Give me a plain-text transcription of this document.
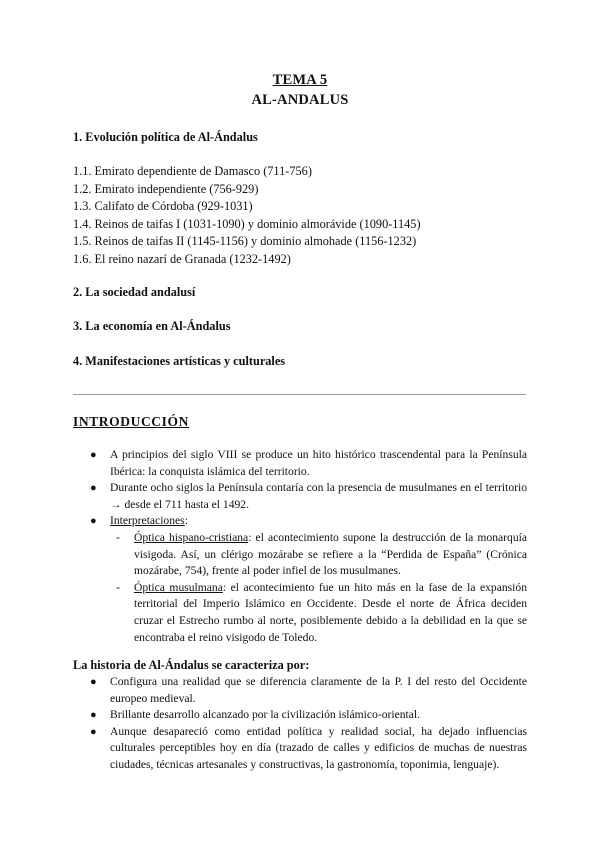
TEMA 5
AL-ANDALUS
1. Evolución política de Al-Ándalus
1.1. Emirato dependiente de Damasco (711-756)
1.2. Emirato independiente (756-929)
1.3. Califato de Córdoba (929-1031)
1.4. Reinos de taifas I (1031-1090) y dominio almorávide (1090-1145)
1.5. Reinos de taifas II (1145-1156) y dominio almohade (1156-1232)
1.6. El reino nazarí de Granada (1232-1492)
2. La sociedad andalusí
3. La economía en Al-Ándalus
4. Manifestaciones artísticas y culturales
INTRODUCCIÓN
● A principios del siglo VIII se produce un hito histórico trascendental para la Península Ibérica: la conquista islámica del territorio.
● Durante ocho siglos la Península contaría con la presencia de musulmanes en el territorio → desde el 711 hasta el 1492.
● Interpretaciones:
- Óptica hispano-cristiana: el acontecimiento supone la destrucción de la monarquía visigoda. Así, un clérigo mozárabe se refiere a la “Perdida de España” (Crónica mozárabe, 754), frente al poder infiel de los musulmanes.
- Óptica musulmana: el acontecimiento fue un hito más en la fase de la expansión territorial del Imperio Islámico en Occidente. Desde el norte de África deciden cruzar el Estrecho rumbo al norte, posiblemente debido a la debilidad en la que se encontraba el reino visigodo de Toledo.
La historia de Al-Ándalus se caracteriza por:
● Configura una realidad que se diferencia claramente de la P. I del resto del Occidente europeo medieval.
● Brillante desarrollo alcanzado por la civilización islámico-oriental.
● Aunque desapareció como entidad política y realidad social, ha dejado influencias culturales perceptibles hoy en día (trazado de calles y edificios de muchas de nuestras ciudades, técnicas artesanales y constructivas, la gastronomía, toponimia, lenguaje).
